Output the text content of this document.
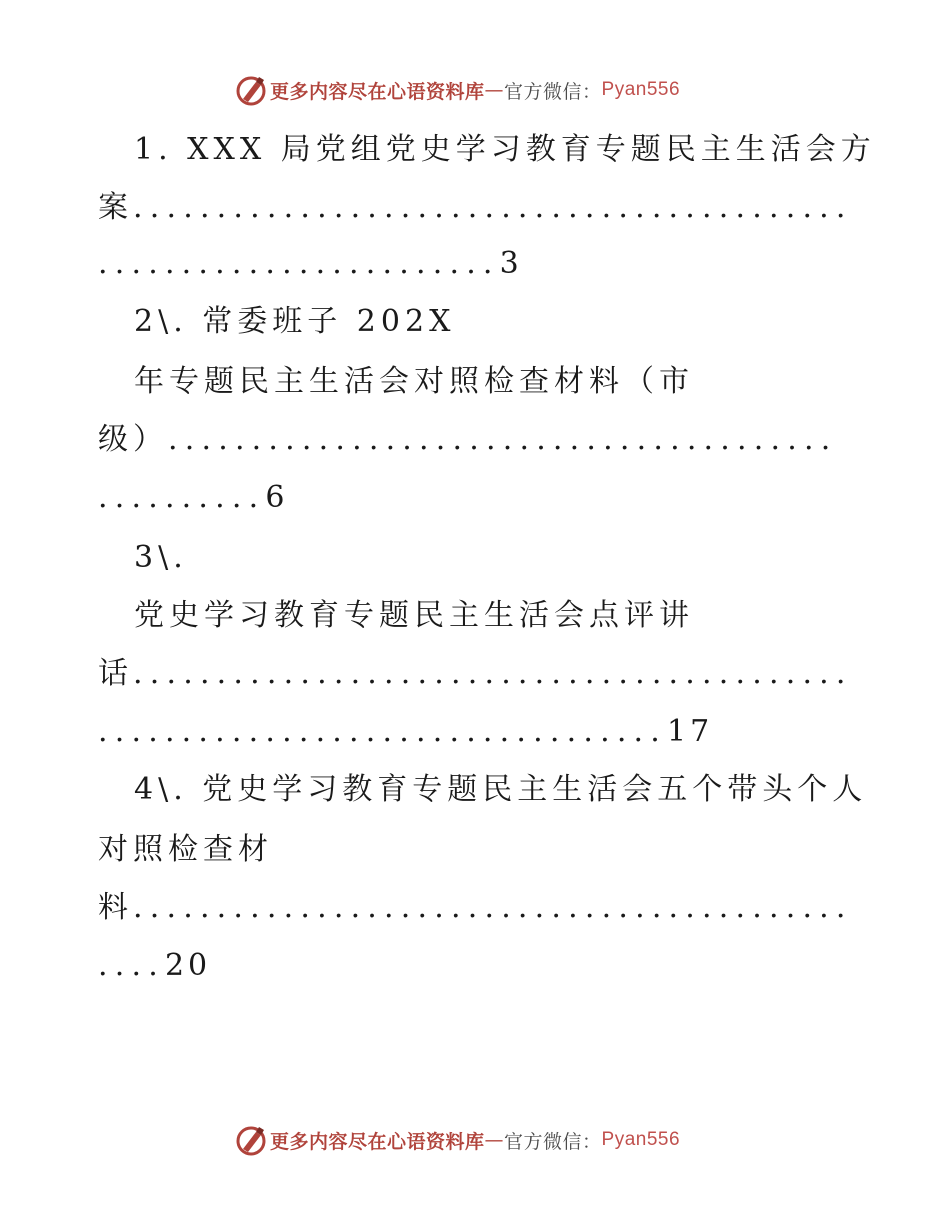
更多内容尽在心语资料库 — 官方微信： Pyan556
1. XXX 局党组党史学习教育专题民主生活会方
案...........................................
........................3
2\. 常委班子 202X
年专题民主生活会对照检查材料（市
级）........................................
..........6
3\.
党史学习教育专题民主生活会点评讲
话...........................................
..................................17
4\. 党史学习教育专题民主生活会五个带头个人
对照检查材
料...........................................
....20
更多内容尽在心语资料库 — 官方微信： Pyan556
